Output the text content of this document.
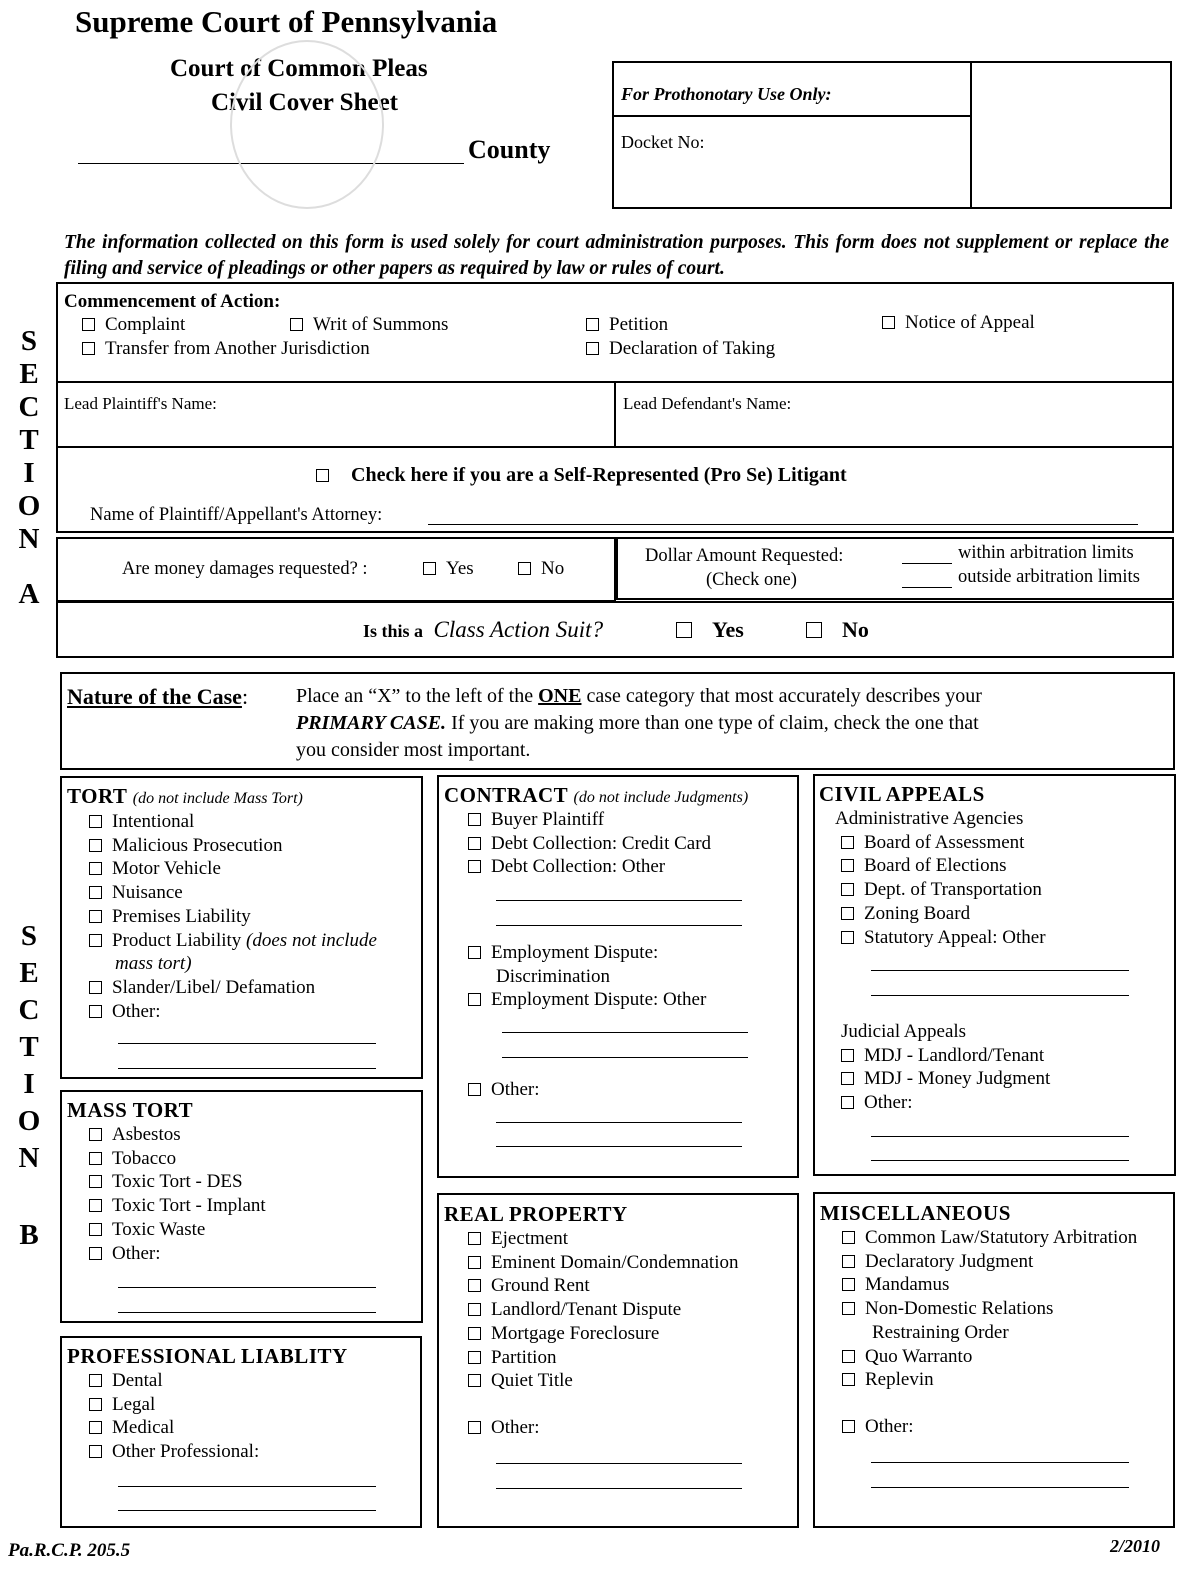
Supreme Court of Pennsylvania
Court of Common Pleas
Civil Cover Sheet
County
For Prothonotary Use Only:
Docket No:
The information collected on this form is used solely for court administration purposes. This form does not supplement or replace the filing and service of pleadings or other papers as required by law or rules of court.
S
E
C
T
I
O
N
A
Commencement of Action:
Complaint	Writ of Summons	Petition	Notice of Appeal
Transfer from Another Jurisdiction	Declaration of Taking
Lead Plaintiff's Name:	Lead Defendant's Name:
Check here if you are a Self-Represented (Pro Se) Litigant
Name of Plaintiff/Appellant's Attorney:
Are money damages requested? :	Yes	No
Dollar Amount Requested:
(Check one)
within arbitration limits
outside arbitration limits
Is this a Class Action Suit?	Yes	No
S
E
C
T
I
O
N
B
Nature of the Case: Place an “X” to the left of the ONE case category that most accurately describes your
PRIMARY CASE. If you are making more than one type of claim, check the one that
you consider most important.
TORT (do not include Mass Tort)
Intentional
Malicious Prosecution
Motor Vehicle
Nuisance
Premises Liability
Product Liability (does not include
mass tort)
Slander/Libel/ Defamation
Other:
MASS TORT
Asbestos
Tobacco
Toxic Tort - DES
Toxic Tort - Implant
Toxic Waste
Other:
PROFESSIONAL LIABLITY
Dental
Legal
Medical
Other Professional:
CONTRACT (do not include Judgments)
Buyer Plaintiff
Debt Collection: Credit Card
Debt Collection: Other
Employment Dispute:
Discrimination
Employment Dispute: Other
Other:
REAL PROPERTY
Ejectment
Eminent Domain/Condemnation
Ground Rent
Landlord/Tenant Dispute
Mortgage Foreclosure
Partition
Quiet Title
Other:
CIVIL APPEALS
Administrative Agencies
Board of Assessment
Board of Elections
Dept. of Transportation
Zoning Board
Statutory Appeal: Other
Judicial Appeals
MDJ - Landlord/Tenant
MDJ - Money Judgment
Other:
MISCELLANEOUS
Common Law/Statutory Arbitration
Declaratory Judgment
Mandamus
Non-Domestic Relations
Restraining Order
Quo Warranto
Replevin
Other:
Pa.R.C.P. 205.5	2/2010
